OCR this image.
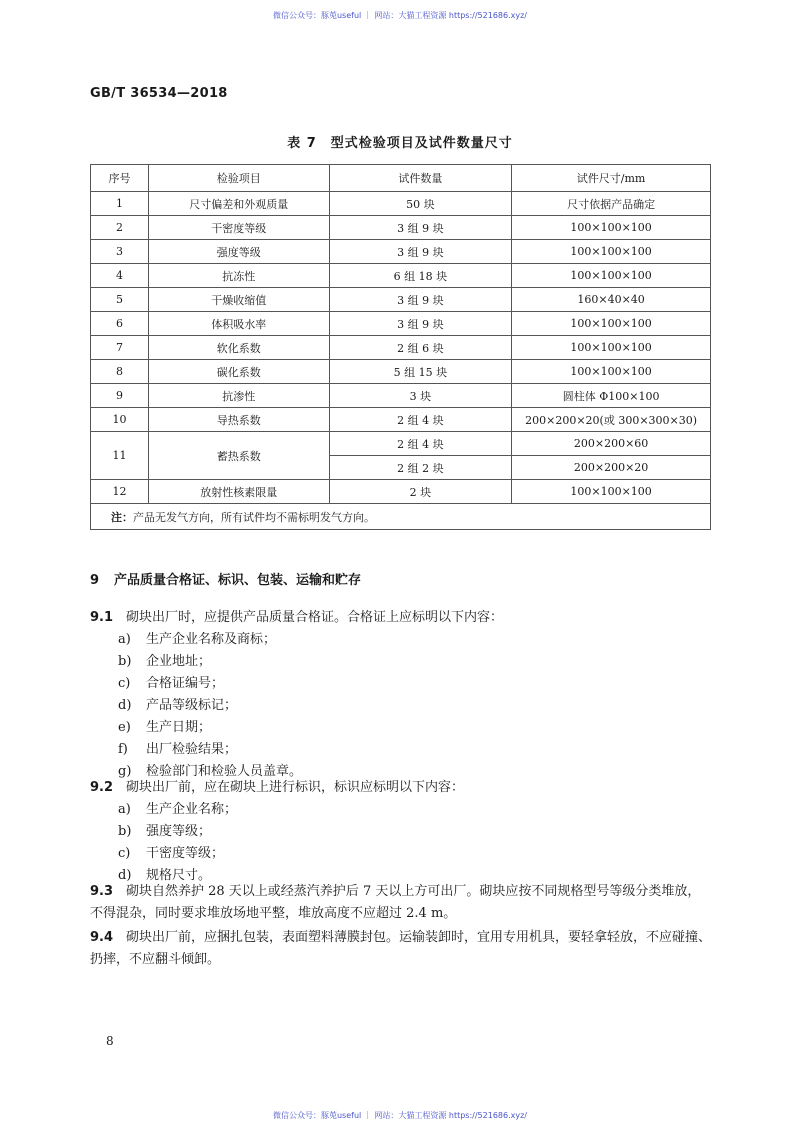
微信公众号：豚莵useful ｜ 网站：大猫工程资源 https://521686.xyz/
GB/T 36534—2018
表 7　型式检验项目及试件数量尺寸
序号	检验项目	试件数量	试件尺寸/mm
1	尺寸偏差和外观质量	50 块	尺寸依据产品确定
2	干密度等级	3 组 9 块	100×100×100
3	强度等级	3 组 9 块	100×100×100
4	抗冻性	6 组 18 块	100×100×100
5	干燥收缩值	3 组 9 块	160×40×40
6	体积吸水率	3 组 9 块	100×100×100
7	软化系数	2 组 6 块	100×100×100
8	碳化系数	5 组 15 块	100×100×100
9	抗渗性	3 块	圆柱体 Φ100×100
10	导热系数	2 组 4 块	200×200×20(或 300×300×30)
11	蓄热系数	2 组 4 块	200×200×60
		2 组 2 块	200×200×20
12	放射性核素限量	2 块	100×100×100
注：产品无发气方向，所有试件均不需标明发气方向。			
9 产品质量合格证、标识、包装、运输和贮存
9.1 砌块出厂时，应提供产品质量合格证。合格证上应标明以下内容：
a) 生产企业名称及商标；
b) 企业地址；
c) 合格证编号；
d) 产品等级标记；
e) 生产日期；
f) 出厂检验结果；
g) 检验部门和检验人员盖章。
9.2 砌块出厂前，应在砌块上进行标识，标识应标明以下内容：
a) 生产企业名称；
b) 强度等级；
c) 干密度等级；
d) 规格尺寸。
9.3 砌块自然养护 28 天以上或经蒸汽养护后 7 天以上方可出厂。砌块应按不同规格型号等级分类堆放，不得混杂，同时要求堆放场地平整，堆放高度不应超过 2.4 m。
9.4 砌块出厂前，应捆扎包装，表面塑料薄膜封包。运输装卸时，宜用专用机具，要轻拿轻放，不应碰撞、扔摔，不应翻斗倾卸。
8
微信公众号：豚莵useful ｜ 网站：大猫工程资源 https://521686.xyz/
